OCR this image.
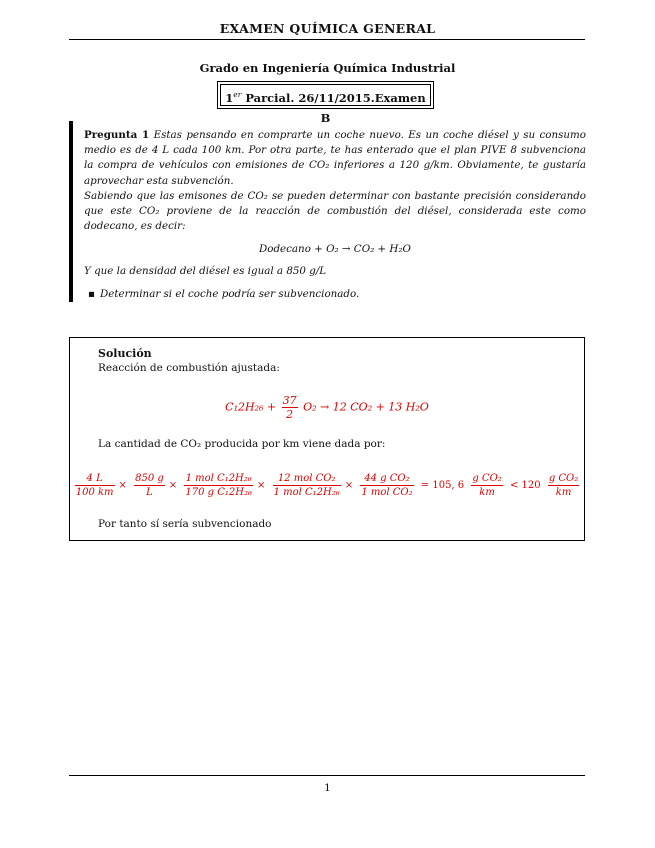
EXAMEN QUÍMICA GENERAL
Grado en Ingeniería Química Industrial
1er Parcial. 26/11/2015.Examen B

Pregunta 1 Estas pensando en comprarte un coche nuevo. Es un coche diésel y su consumo medio es de 4 L cada 100 km. Por otra parte, te has enterado que el plan PIVE 8 subvenciona la compra de vehículos con emisiones de CO₂ inferiores a 120 g/km. Obviamente, te gustaría aprovechar esta subvención.

Sabiendo que las emisones de CO₂ se pueden determinar con bastante precisión considerando que este CO₂ proviene de la reacción de combustión del diésel, considerada este como dodecano, es decir:

Dodecano + O₂ → CO₂ + H₂O

Y que la densidad del diésel es igual a 850 g/L

▪ Determinar si el coche podría ser subvencionado.
Solución
Reacción de combustión ajustada:
$C_12H_{26} + \frac{37}{2} O_2 \to 12$ CO₂ + 13 H₂O
La cantidad de CO₂ producida por km viene dada por:
$\frac{4 L}{100 km} \times \frac{850 g}{L} \times \frac{\text{1 mol C₁2H₂₆}}{\text{170 g C₁2H₂₆}} \times \frac{\text{12 mol CO₂}}{\text{1 mol C₁2H₂₆}} \times \frac{\text{44 g CO₂}}{\text{1 mol CO₂}} = 105$, $6 \frac{\text{g CO₂}}{km} < 120 \frac{\text{g CO₂}}{km}$
Por tanto sí sería subvencionado
1
